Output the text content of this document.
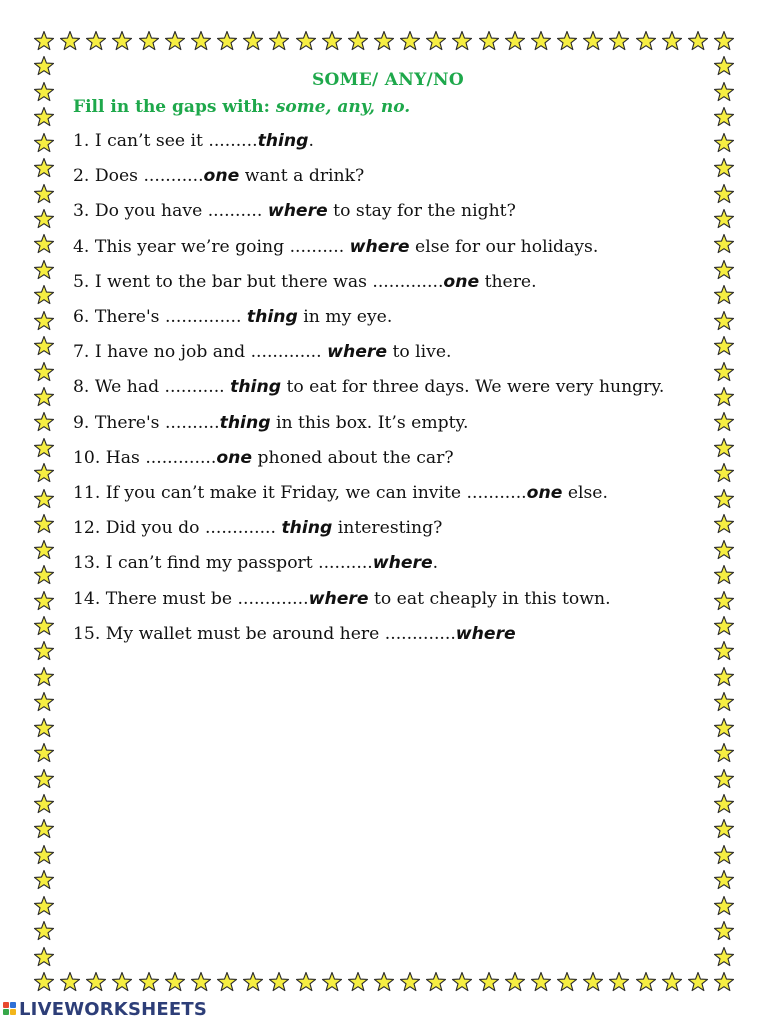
SOME/ ANY/NO
Fill in the gaps with: some, any, no.
1. I can’t see it .........thing.
2. Does ...........one want a drink?
3. Do you have .......... where to stay for the night?
4. This year we’re going .......... where else for our holidays.
5. I went to the bar but there was .............one there.
6. There's .............. thing in my eye.
7. I have no job and ............. where to live.
8. We had ........... thing to eat for three days. We were very hungry.
9. There's ..........thing in this box. It’s empty.
10. Has .............one phoned about the car?
11. If you can’t make it Friday, we can invite ...........one else.
12. Did you do ............. thing interesting?
13. I can’t find my passport ..........where.
14. There must be .............where to eat cheaply in this town.
15. My wallet must be around here .............where
LIVEWORKSHEETS
